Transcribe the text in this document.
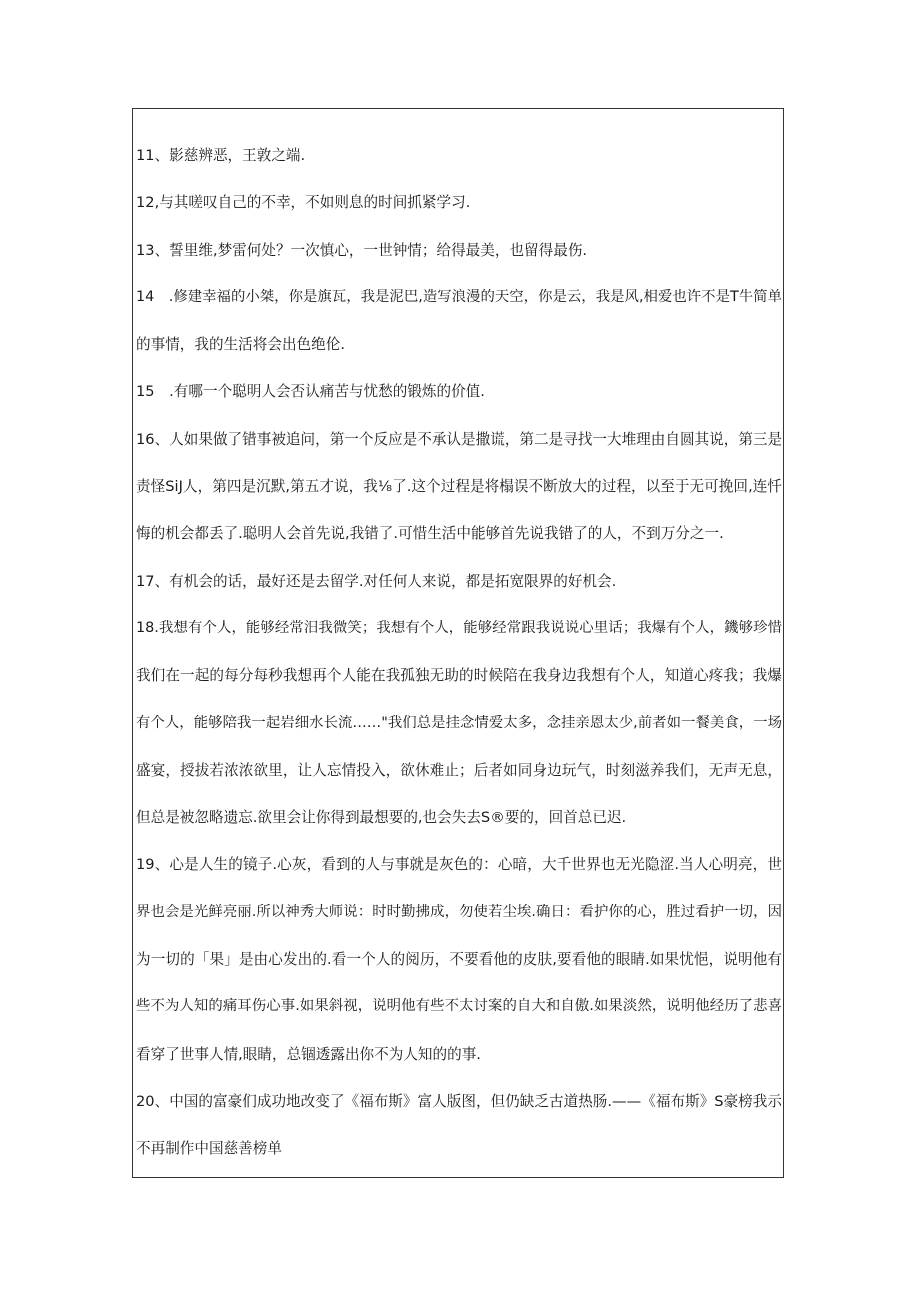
11、影慈辨恶，王敦之端.
12,与其嗟叹自己的不幸，不如则息的时间抓紧学习.
13、誓里维,梦雷何处？一次慎心，一世钟情；给得最美，也留得最伤.
14　.修建幸福的小桀，你是旗瓦，我是泥巴,造写浪漫的天空，你是云，我是风,相爱也许不是T牛简单
的事情，我的生活将会出色绝伦.
15　.有哪一个聪明人会否认痛苦与忧愁的锻炼的价值.
16、人如果做了错事被追问，第一个反应是不承认是撒谎，第二是寻找一大堆理由自圆其说，第三是
责怪SiJ人，第四是沉默,第五才说，我⅛了.这个过程是将榻误不断放大的过程，以至于无可挽回,连忏
悔的机会都丢了.聪明人会首先说,我错了.可惜生活中能够首先说我错了的人，不到万分之一.
17、有机会的话，最好还是去留学.对任何人来说，都是拓宽限界的好机会.
18.我想有个人，能够经常汨我微笑；我想有个人，能够经常跟我说说心里话；我爆有个人，鐖够珍惜
我们在一起的每分每秒我想再个人能在我孤独无助的时候陪在我身边我想有个人，知道心疼我；我爆
有个人，能够陪我一起岩细水长流……"我们总是挂念情爱太多，念挂亲恩太少,前者如一餐美食，一场
盛宴，授拔若浓浓欲里，让人忘情投入，欲休难止；后者如同身边玩气，时刻滋养我们，无声无息，
但总是被忽略遗忘.欲里会让你得到最想要的,也会失去S®要的，回首总已迟.
19、心是人生的镜子.心灰，看到的人与事就是灰色的：心暗，大千世界也无光隐涩.当人心明亮，世
界也会是光鲜亮丽.所以神秀大师说：时时勤拂成，勿使若尘埃.确日：看护你的心，胜过看护一切，因
为一切的「果」是由心发出的.看一个人的阅历，不要看他的皮肤,要看他的眼睛.如果忧悒，说明他有
些不为人知的痛耳伤心事.如果斜视，说明他有些不太讨案的自大和自傲.如果淡然，说明他经历了悲喜
看穿了世事人情,眼睛，总锢透露出你不为人知的的事.
20、中国的富豪们成功地改变了《福布斯》富人版图，但仍缺乏古道热肠.——《福布斯》S豪榜我示
不再制作中国慈善榜单
